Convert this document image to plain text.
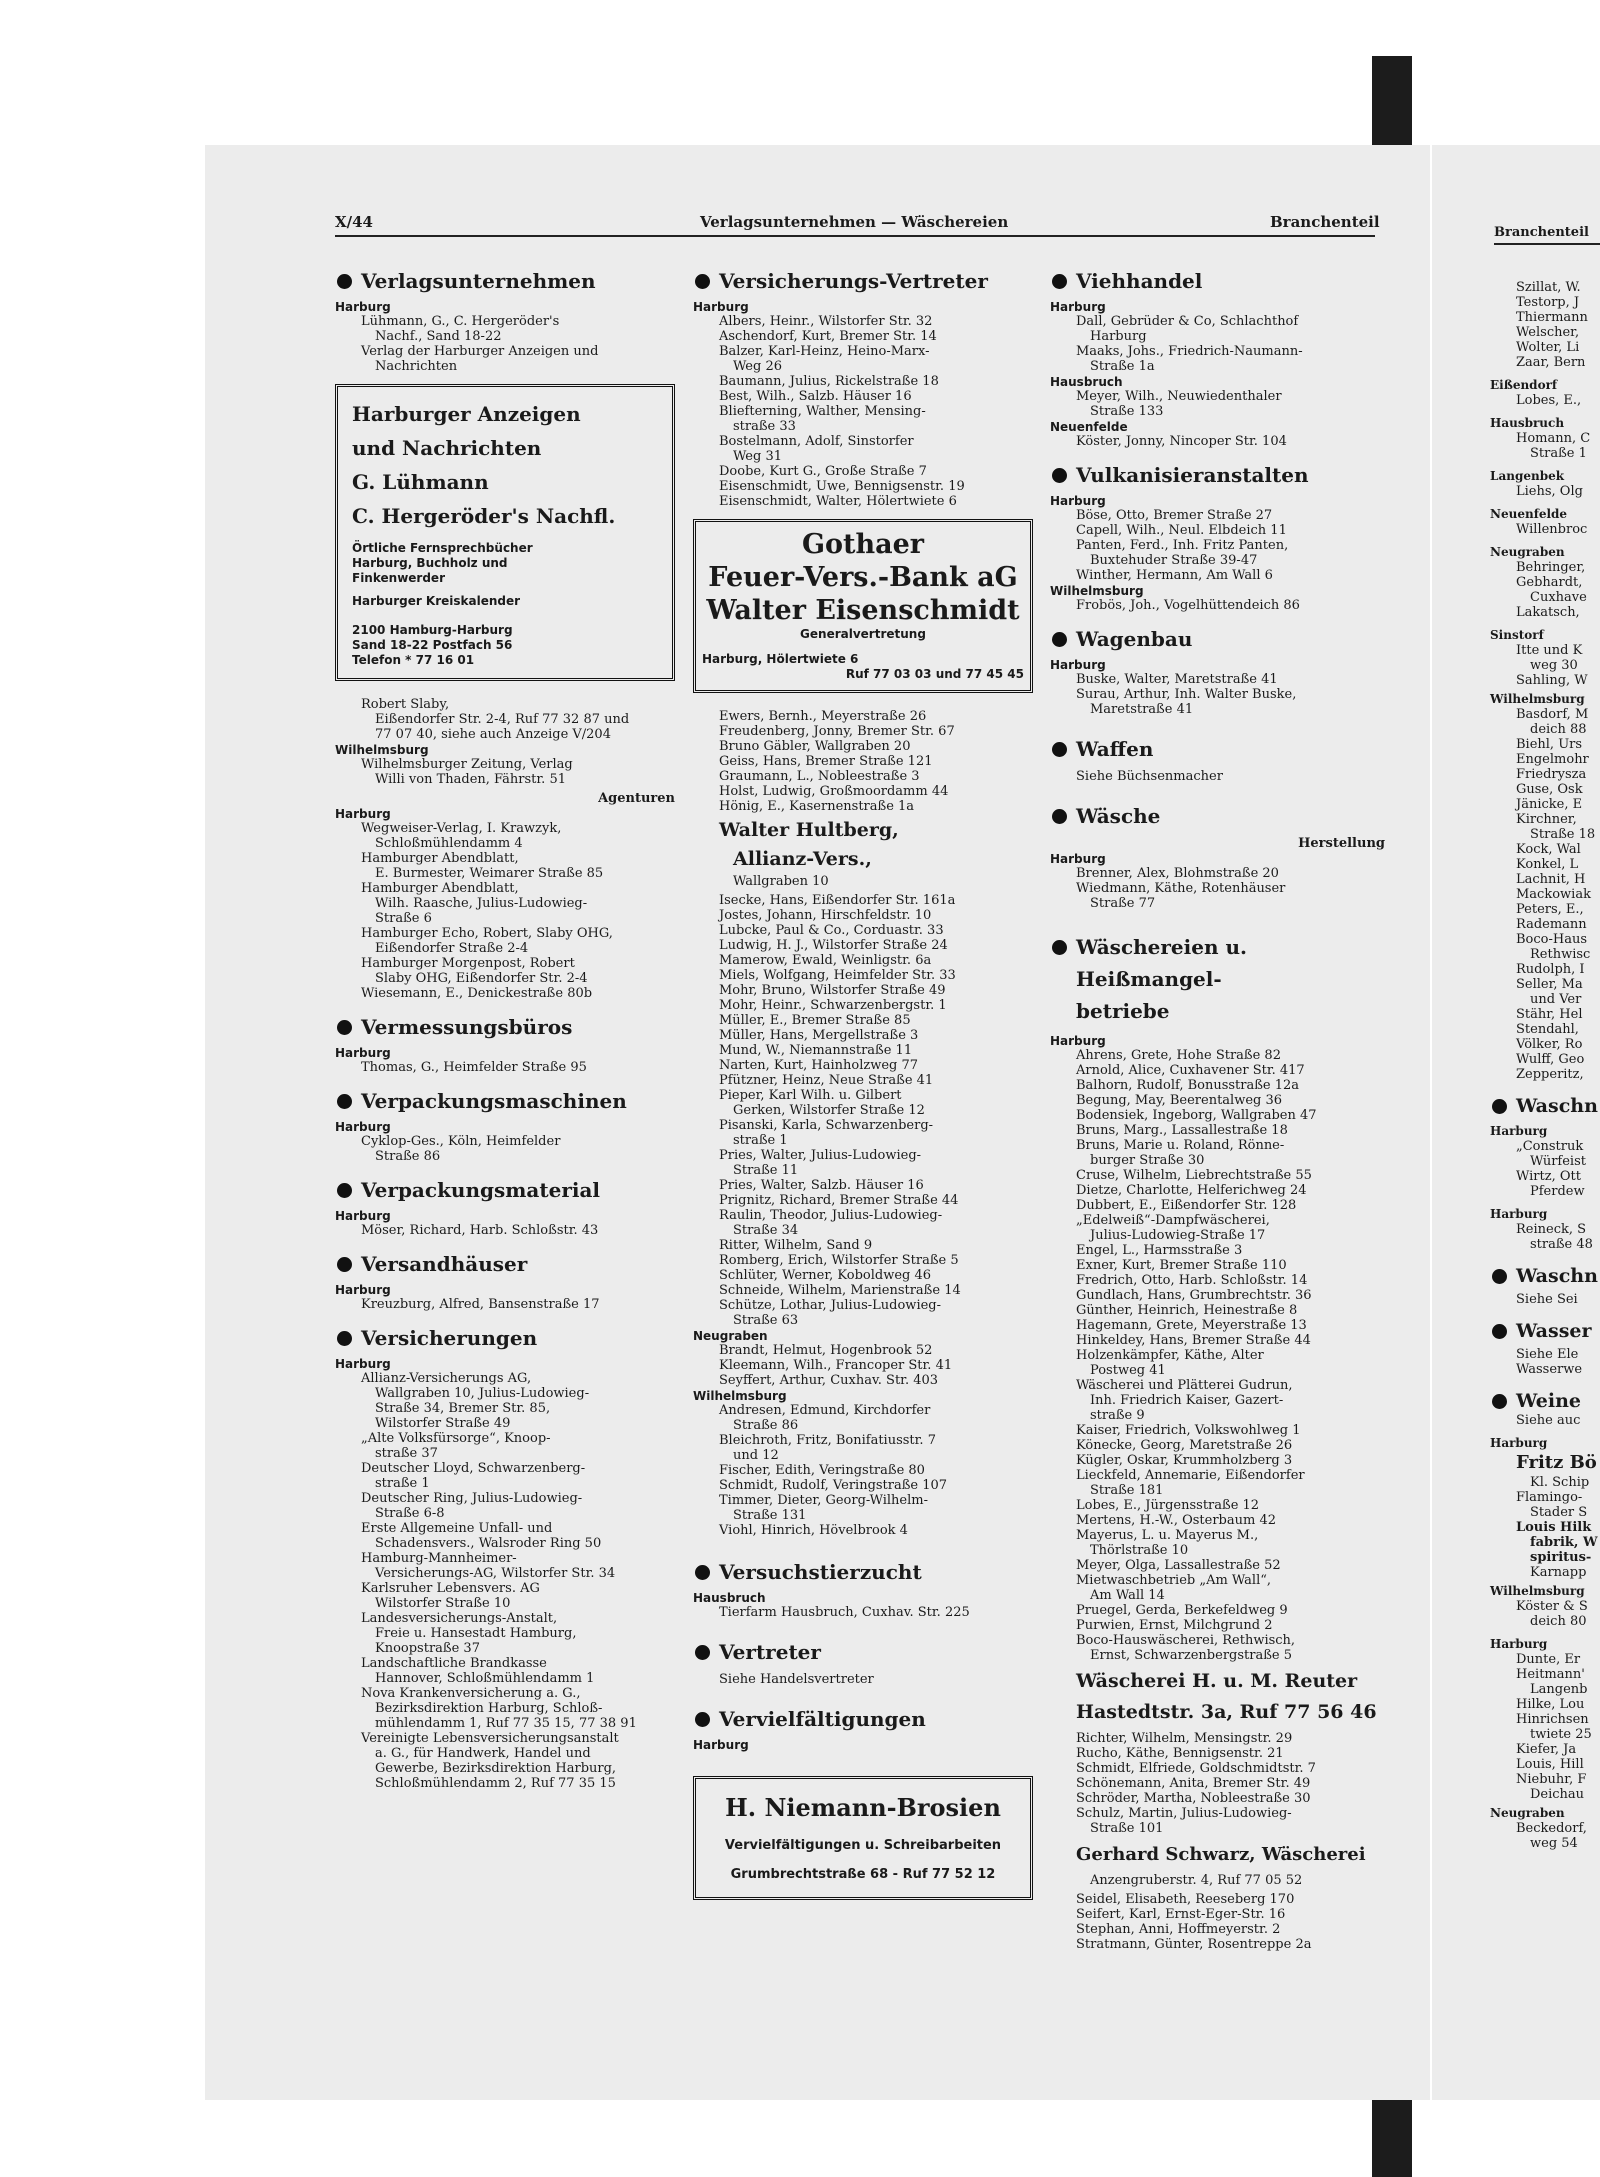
X/44	Verlagsunternehmen — Wäschereien	Branchenteil
Verlagsunternehmen
Harburg
Lühmann, G., C. Hergeröder's
Nachf., Sand 18-22
Verlag der Harburger Anzeigen und
Nachrichten
Harburger Anzeigen
und Nachrichten
G. Lühmann
C. Hergeröder's Nachfl.
Örtliche Fernsprechbücher
Harburg, Buchholz und
Finkenwerder
Harburger Kreiskalender
2100 Hamburg-Harburg
Sand 18-22 Postfach 56
Telefon * 77 16 01
Robert Slaby,
Eißendorfer Str. 2-4, Ruf 77 32 87 und
77 07 40, siehe auch Anzeige V/204
Wilhelmsburg
Wilhelmsburger Zeitung, Verlag
Willi von Thaden, Fährstr. 51
Agenturen
Harburg
Wegweiser-Verlag, I. Krawzyk,
Schloßmühlendamm 4
Hamburger Abendblatt,
E. Burmester, Weimarer Straße 85
Hamburger Abendblatt,
Wilh. Raasche, Julius-Ludowieg-
Straße 6
Hamburger Echo, Robert, Slaby OHG,
Eißendorfer Straße 2-4
Hamburger Morgenpost, Robert
Slaby OHG, Eißendorfer Str. 2-4
Wiesemann, E., Denickestraße 80b
Vermessungsbüros
Harburg
Thomas, G., Heimfelder Straße 95
Verpackungsmaschinen
Harburg
Cyklop-Ges., Köln, Heimfelder
Straße 86
Verpackungsmaterial
Harburg
Möser, Richard, Harb. Schloßstr. 43
Versandhäuser
Harburg
Kreuzburg, Alfred, Bansenstraße 17
Versicherungen
Harburg
Allianz-Versicherungs AG,
Wallgraben 10, Julius-Ludowieg-
Straße 34, Bremer Str. 85,
Wilstorfer Straße 49
„Alte Volksfürsorge“, Knoop-
straße 37
Deutscher Lloyd, Schwarzenberg-
straße 1
Deutscher Ring, Julius-Ludowieg-
Straße 6-8
Erste Allgemeine Unfall- und
Schadensvers., Walsroder Ring 50
Hamburg-Mannheimer-
Versicherungs-AG, Wilstorfer Str. 34
Karlsruher Lebensvers. AG
Wilstorfer Straße 10
Landesversicherungs-Anstalt,
Freie u. Hansestadt Hamburg,
Knoopstraße 37
Landschaftliche Brandkasse
Hannover, Schloßmühlendamm 1
Nova Krankenversicherung a. G.,
Bezirksdirektion Harburg, Schloß-
mühlendamm 1, Ruf 77 35 15, 77 38 91
Vereinigte Lebensversicherungsanstalt
a. G., für Handwerk, Handel und
Gewerbe, Bezirksdirektion Harburg,
Schloßmühlendamm 2, Ruf 77 35 15
Versicherungs-Vertreter
Harburg
Albers, Heinr., Wilstorfer Str. 32
Aschendorf, Kurt, Bremer Str. 14
Balzer, Karl-Heinz, Heino-Marx-
Weg 26
Baumann, Julius, Rickelstraße 18
Best, Wilh., Salzb. Häuser 16
Bliefterning, Walther, Mensing-
straße 33
Bostelmann, Adolf, Sinstorfer
Weg 31
Doobe, Kurt G., Große Straße 7
Eisenschmidt, Uwe, Bennigsenstr. 19
Eisenschmidt, Walter, Hölertwiete 6
Gothaer
Feuer-Vers.-Bank aG
Walter Eisenschmidt
Generalvertretung
Harburg, Hölertwiete 6
Ruf 77 03 03 und 77 45 45
Ewers, Bernh., Meyerstraße 26
Freudenberg, Jonny, Bremer Str. 67
Bruno Gäbler, Wallgraben 20
Geiss, Hans, Bremer Straße 121
Graumann, L., Nobleestraße 3
Holst, Ludwig, Großmoordamm 44
Hönig, E., Kasernenstraße 1a
Walter Hultberg,
Allianz-Vers.,
Wallgraben 10
Isecke, Hans, Eißendorfer Str. 161a
Jostes, Johann, Hirschfeldstr. 10
Lubcke, Paul & Co., Corduastr. 33
Ludwig, H. J., Wilstorfer Straße 24
Mamerow, Ewald, Weinligstr. 6a
Miels, Wolfgang, Heimfelder Str. 33
Mohr, Bruno, Wilstorfer Straße 49
Mohr, Heinr., Schwarzenbergstr. 1
Müller, E., Bremer Straße 85
Müller, Hans, Mergellstraße 3
Mund, W., Niemannstraße 11
Narten, Kurt, Hainholzweg 77
Pfützner, Heinz, Neue Straße 41
Pieper, Karl Wilh. u. Gilbert
Gerken, Wilstorfer Straße 12
Pisanski, Karla, Schwarzenberg-
straße 1
Pries, Walter, Julius-Ludowieg-
Straße 11
Pries, Walter, Salzb. Häuser 16
Prignitz, Richard, Bremer Straße 44
Raulin, Theodor, Julius-Ludowieg-
Straße 34
Ritter, Wilhelm, Sand 9
Romberg, Erich, Wilstorfer Straße 5
Schlüter, Werner, Koboldweg 46
Schneide, Wilhelm, Marienstraße 14
Schütze, Lothar, Julius-Ludowieg-
Straße 63
Neugraben
Brandt, Helmut, Hogenbrook 52
Kleemann, Wilh., Francoper Str. 41
Seyffert, Arthur, Cuxhav. Str. 403
Wilhelmsburg
Andresen, Edmund, Kirchdorfer
Straße 86
Bleichroth, Fritz, Bonifatiusstr. 7
und 12
Fischer, Edith, Veringstraße 80
Schmidt, Rudolf, Veringstraße 107
Timmer, Dieter, Georg-Wilhelm-
Straße 131
Viohl, Hinrich, Hövelbrook 4
Versuchstierzucht
Hausbruch
Tierfarm Hausbruch, Cuxhav. Str. 225
Vertreter
Siehe Handelsvertreter
Vervielfältigungen
Harburg
H. Niemann-Brosien
Vervielfältigungen u. Schreibarbeiten
Grumbrechtstraße 68 - Ruf 77 52 12
Viehhandel
Harburg
Dall, Gebrüder & Co, Schlachthof
Harburg
Maaks, Johs., Friedrich-Naumann-
Straße 1a
Hausbruch
Meyer, Wilh., Neuwiedenthaler
Straße 133
Neuenfelde
Köster, Jonny, Nincoper Str. 104
Vulkanisieranstalten
Harburg
Böse, Otto, Bremer Straße 27
Capell, Wilh., Neul. Elbdeich 11
Panten, Ferd., Inh. Fritz Panten,
Buxtehuder Straße 39-47
Winther, Hermann, Am Wall 6
Wilhelmsburg
Frobös, Joh., Vogelhüttendeich 86
Wagenbau
Harburg
Buske, Walter, Maretstraße 41
Surau, Arthur, Inh. Walter Buske,
Maretstraße 41
Waffen
Siehe Büchsenmacher
Wäsche
Herstellung
Harburg
Brenner, Alex, Blohmstraße 20
Wiedmann, Käthe, Rotenhäuser
Straße 77
Wäschereien u. Heißmangel-
betriebe
Harburg
Ahrens, Grete, Hohe Straße 82
Arnold, Alice, Cuxhavener Str. 417
Balhorn, Rudolf, Bonusstraße 12a
Begung, May, Beerentalweg 36
Bodensiek, Ingeborg, Wallgraben 47
Bruns, Marg., Lassallestraße 18
Bruns, Marie u. Roland, Rönne-
burger Straße 30
Cruse, Wilhelm, Liebrechtstraße 55
Dietze, Charlotte, Helferichweg 24
Dubbert, E., Eißendorfer Str. 128
„Edelweiß“-Dampfwäscherei,
Julius-Ludowieg-Straße 17
Engel, L., Harmsstraße 3
Exner, Kurt, Bremer Straße 110
Fredrich, Otto, Harb. Schloßstr. 14
Gundlach, Hans, Grumbrechtstr. 36
Günther, Heinrich, Heinestraße 8
Hagemann, Grete, Meyerstraße 13
Hinkeldey, Hans, Bremer Straße 44
Holzenkämpfer, Käthe, Alter
Postweg 41
Wäscherei und Plätterei Gudrun,
Inh. Friedrich Kaiser, Gazert-
straße 9
Kaiser, Friedrich, Volkswohlweg 1
Könecke, Georg, Maretstraße 26
Kügler, Oskar, Krummholzberg 3
Lieckfeld, Annemarie, Eißendorfer
Straße 181
Lobes, E., Jürgensstraße 12
Mertens, H.-W., Osterbaum 42
Mayerus, L. u. Mayerus M.,
Thörlstraße 10
Meyer, Olga, Lassallestraße 52
Mietwaschbetrieb „Am Wall“,
Am Wall 14
Pruegel, Gerda, Berkefeldweg 9
Purwien, Ernst, Milchgrund 2
Boco-Hauswäscherei, Rethwisch,
Ernst, Schwarzenbergstraße 5
Wäscherei H. u. M. Reuter
Hastedtstr. 3a, Ruf 77 56 46
Richter, Wilhelm, Mensingstr. 29
Rucho, Käthe, Bennigsenstr. 21
Schmidt, Elfriede, Goldschmidtstr. 7
Schönemann, Anita, Bremer Str. 49
Schröder, Martha, Nobleestraße 30
Schulz, Martin, Julius-Ludowieg-
Straße 101
Gerhard Schwarz, Wäscherei
Anzengruberstr. 4, Ruf 77 05 52
Seidel, Elisabeth, Reeseberg 170
Seifert, Karl, Ernst-Eger-Str. 16
Stephan, Anni, Hoffmeyerstr. 2
Stratmann, Günter, Rosentreppe 2a
Branchenteil
Szillat, W.
Testorp, J
Thiermann
Welscher,
Wolter, Li
Zaar, Bern
Eißendorf
Lobes, E.,
Hausbruch
Homann, C
Straße 1
Langenbek
Liehs, Olg
Neuenfelde
Willenbroc
Neugraben
Behringer,
Gebhardt,
Cuxhave
Lakatsch,
Sinstorf
Itte und K
weg 30
Sahling, W
Wilhelmsburg
Basdorf, M
deich 88
Biehl, Urs
Engelmohr
Friedrysza
Guse, Osk
Jänicke, E
Kirchner,
Straße 18
Kock, Wal
Konkel, L
Lachnit, H
Mackowiak
Peters, E.,
Rademann
Boco-Haus
Rethwisc
Rudolph, I
Seller, Ma
und Ver
Stähr, Hel
Stendahl,
Völker, Ro
Wulff, Geo
Zepperitz,
Waschn
Harburg
„Construk
Würfeist
Wirtz, Ott
Pferdew
Harburg
Reineck, S
straße 48
Waschn
Siehe Sei
Wasser
Siehe Ele
Wasserwe
Weine
Siehe auc
Harburg
Fritz Bö
Kl. Schip
Flamingo-
Stader S
Louis Hilk
fabrik, W
spiritus-
Karnapp
Wilhelmsburg
Köster & S
deich 80
Harburg
Dunte, Er
Heitmann'
Langenb
Hilke, Lou
Hinrichsen
twiete 25
Kiefer, Ja
Louis, Hill
Niebuhr, F
Deichau
Neugraben
Beckedorf,
weg 54
